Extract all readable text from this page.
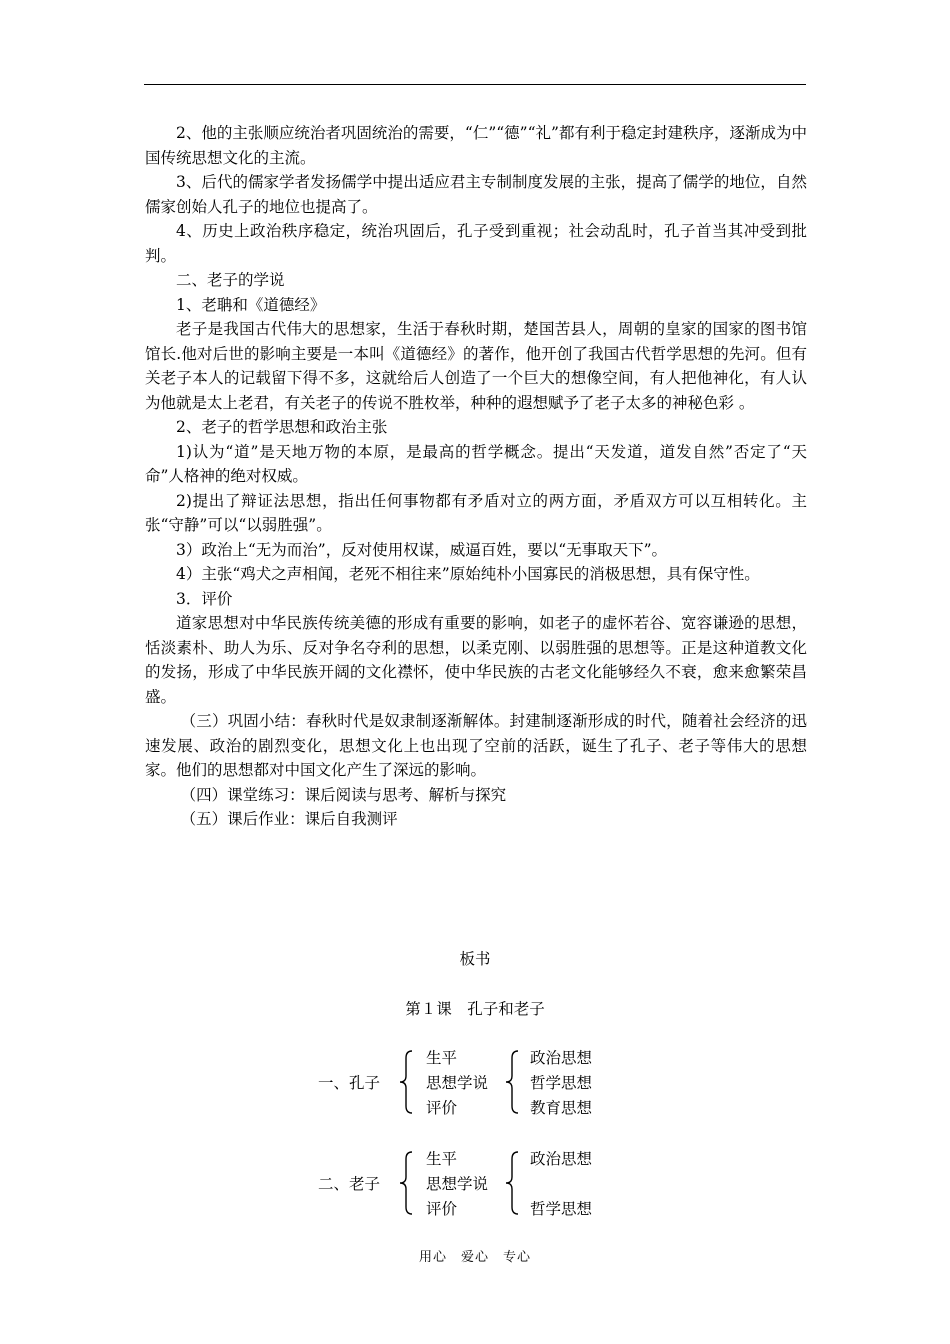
2、他的主张顺应统治者巩固统治的需要，“仁”“德”“礼”都有利于稳定封建秩序，逐渐成为中国传统思想文化的主流。

3、后代的儒家学者发扬儒学中提出适应君主专制制度发展的主张，提高了儒学的地位，自然儒家创始人孔子的地位也提高了。

4、历史上政治秩序稳定，统治巩固后，孔子受到重视；社会动乱时，孔子首当其冲受到批判。

二、老子的学说

1、老聃和《道德经》

老子是我国古代伟大的思想家，生活于春秋时期，楚国苦县人，周朝的皇家的国家的图书馆馆长.他对后世的影响主要是一本叫《道德经》的著作，他开创了我国古代哲学思想的先河。但有关老子本人的记载留下得不多，这就给后人创造了一个巨大的想像空间，有人把他神化，有人认为他就是太上老君，有关老子的传说不胜枚举，种种的遐想赋予了老子太多的神秘色彩 。

2、老子的哲学思想和政治主张

1)认为“道”是天地万物的本原，是最高的哲学概念。提出“天发道，道发自然”否定了“天命”人格神的绝对权威。

2)提出了辩证法思想，指出任何事物都有矛盾对立的两方面，矛盾双方可以互相转化。主张“守静”可以“以弱胜强”。

3）政治上“无为而治”，反对使用权谋，威逼百姓，要以“无事取天下”。

4）主张“鸡犬之声相闻，老死不相往来”原始纯朴小国寡民的消极思想，具有保守性。

3．评价

道家思想对中华民族传统美德的形成有重要的影响，如老子的虚怀若谷、宽容谦逊的思想，恬淡素朴、助人为乐、反对争名夺利的思想，以柔克刚、以弱胜强的思想等。正是这种道教文化的发扬，形成了中华民族开阔的文化襟怀，使中华民族的古老文化能够经久不衰，愈来愈繁荣昌盛。

（三）巩固小结：春秋时代是奴隶制逐渐解体。封建制逐渐形成的时代，随着社会经济的迅速发展、政治的剧烈变化，思想文化上也出现了空前的活跃，诞生了孔子、老子等伟大的思想家。他们的思想都对中国文化产生了深远的影响。

（四）课堂练习：课后阅读与思考、解析与探究

（五）课后作业：课后自我测评

板书
第１课　孔子和老子
一、孔子
生平
思想学说
评价
政治思想
哲学思想
教育思想
二、老子
生平
思想学说
评价
政治思想
哲学思想
用心　爱心　专心
